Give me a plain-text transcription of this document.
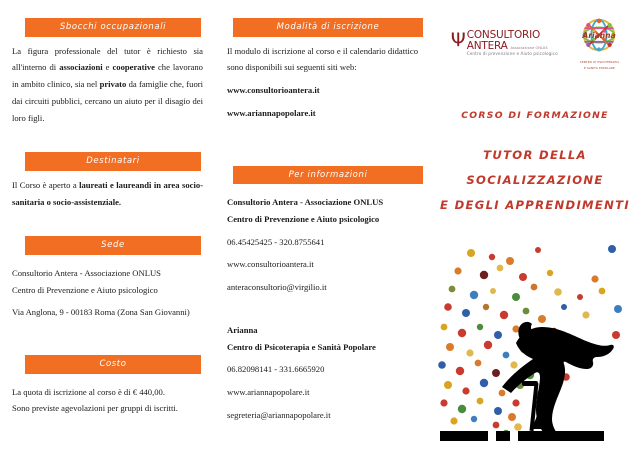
Sbocchi occupazionali

La figura professionale del tutor è richiesto sia all'interno di associazioni e cooperative che lavorano in ambito clinico, sia nel privato da famiglie che, fuori dai circuiti pubblici, cercano un aiuto per il disagio dei loro figli.

Destinatari

Il Corso è aperto a laureati e laureandi in area socio-sanitaria o socio-assistenziale.

Sede

Consultorio Antera - Associazione ONLUS

Centro di Prevenzione e Aiuto psicologico

Via Anglona, 9 - 00183 Roma (Zona San Giovanni)

Costo

La quota di iscrizione al corso è di € 440,00.

Sono previste agevolazioni per gruppi di iscritti.

Modalità di iscrizione

Il modulo di iscrizione al corso e il calendario didattico sono disponibili sui seguenti siti web:

www.consultorioantera.it

www.ariannapopolare.it

Per informazioni

Consultorio Antera - Associazione ONLUS

Centro di Prevenzione e Aiuto psicologico

06.45425425 - 320.8755641

www.consultorioantera.it

anteraconsultorio@virgilio.it

Arianna

Centro di Psicoterapia e Sanità Popolare

06.82098141 - 331.6665920

www.ariannapopolare.it

segreteria@ariannapopolare.it

Ψ CONSULTORIO
ANTERA Associazione ONLUS
Centro di prevenzione e Aiuto psicologico
Arianna
CENTRO DI PSICOTERAPIA
E SANITÀ POPOLARE
CORSO DI FORMAZIONE
TUTOR DELLA
SOCIALIZZAZIONE
E DEGLI APPRENDIMENTI
